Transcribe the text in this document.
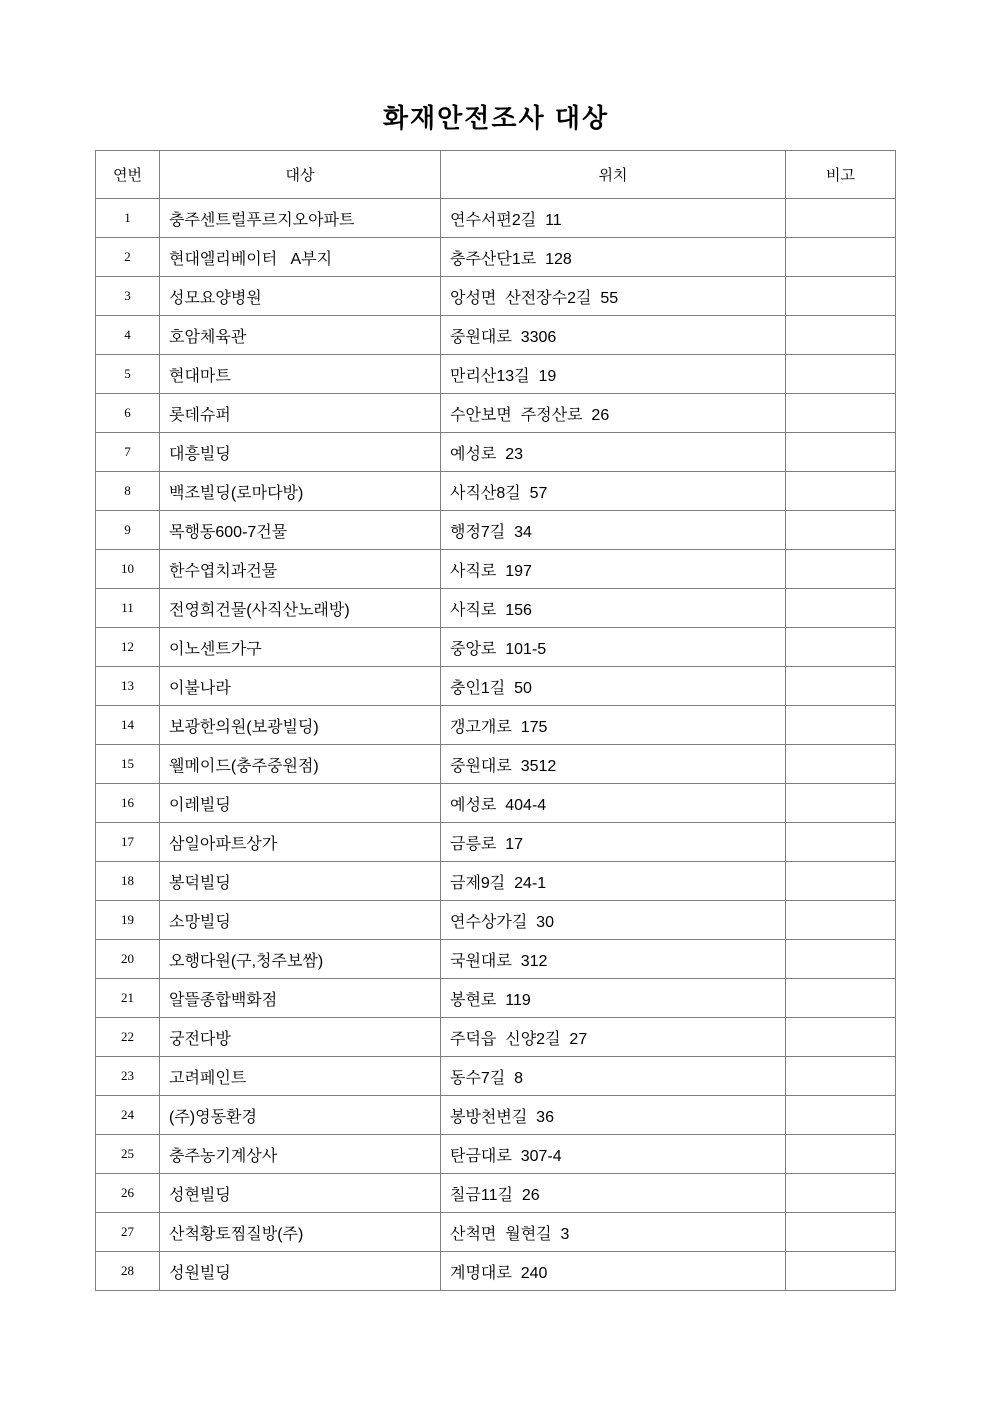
화재안전조사 대상
연번	대상	위치	비고
1	충주센트럴푸르지오아파트	연수서편2길  11	
2	현대엘리베이터   A부지	충주산단1로  128	
3	성모요양병원	앙성면  산전장수2길  55	
4	호암체육관	중원대로  3306	
5	현대마트	만리산13길  19	
6	롯데슈퍼	수안보면  주정산로  26	
7	대흥빌딩	예성로  23	
8	백조빌딩(로마다방)	사직산8길  57	
9	목행동600-7건물	행정7길  34	
10	한수엽치과건물	사직로  197	
11	전영희건물(사직산노래방)	사직로  156	
12	이노센트가구	중앙로  101-5	
13	이불나라	충인1길  50	
14	보광한의원(보광빌딩)	갱고개로  175	
15	웰메이드(충주중원점)	중원대로  3512	
16	이레빌딩	예성로  404-4	
17	삼일아파트상가	금릉로  17	
18	봉덕빌딩	금제9길  24-1	
19	소망빌딩	연수상가길  30	
20	오행다원(구,청주보쌈)	국원대로  312	
21	알뜰종합백화점	봉현로  119	
22	궁전다방	주덕읍  신양2길  27	
23	고려페인트	동수7길  8	
24	(주)영동환경	봉방천변길  36	
25	충주농기계상사	탄금대로  307-4	
26	성현빌딩	칠금11길  26	
27	산척황토찜질방(주)	산척면  월현길  3	
28	성원빌딩	계명대로  240	
